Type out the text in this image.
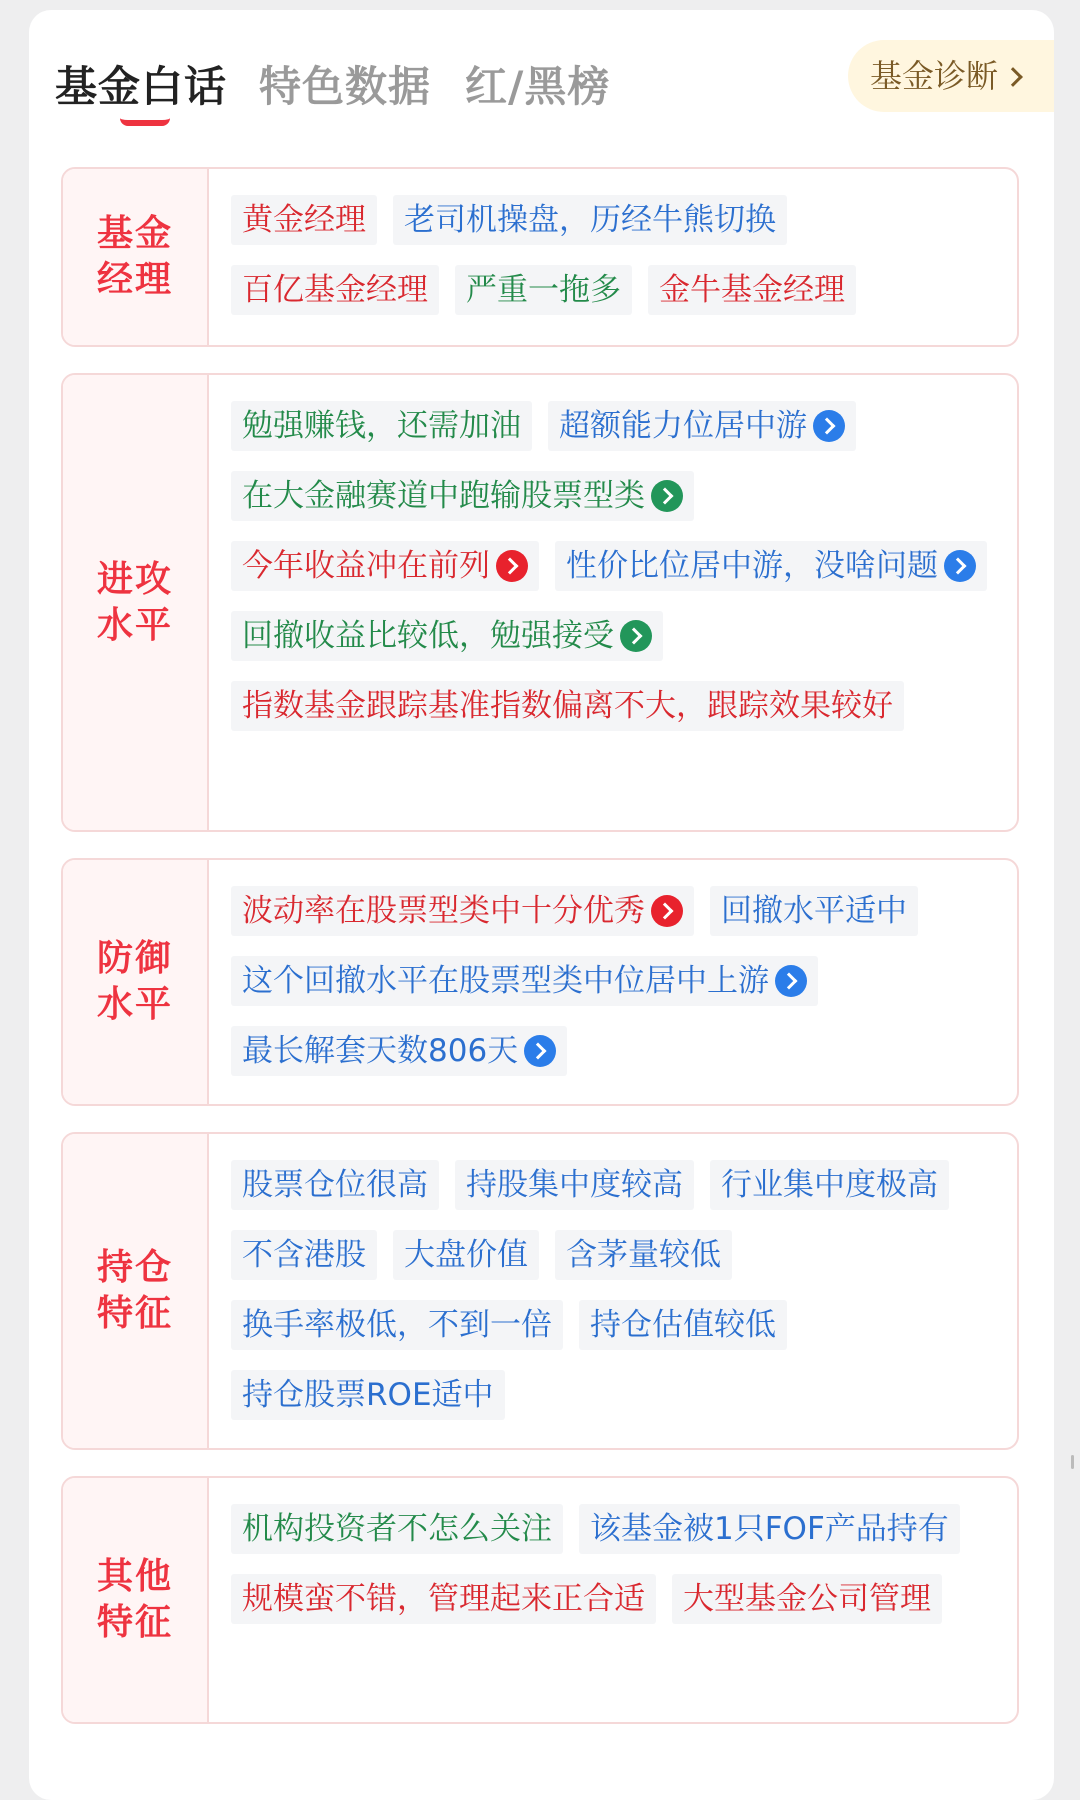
基金白话 特色数据 红/黑榜	基金诊断
基金经理
黄金经理 老司机操盘，历经牛熊切换
百亿基金经理 严重一拖多 金牛基金经理
进攻水平
勉强赚钱，还需加油 超额能力位居中游
在大金融赛道中跑输股票型类
今年收益冲在前列 性价比位居中游，没啥问题
回撤收益比较低，勉强接受
指数基金跟踪基准指数偏离不大，跟踪效果较好
防御水平
波动率在股票型类中十分优秀 回撤水平适中
这个回撤水平在股票型类中位居中上游
最长解套天数806天
持仓特征
股票仓位很高 持股集中度较高 行业集中度极高
不含港股 大盘价值 含茅量较低
换手率极低，不到一倍 持仓估值较低
持仓股票ROE适中
其他特征
机构投资者不怎么关注 该基金被1只FOF产品持有
规模蛮不错，管理起来正合适 大型基金公司管理
